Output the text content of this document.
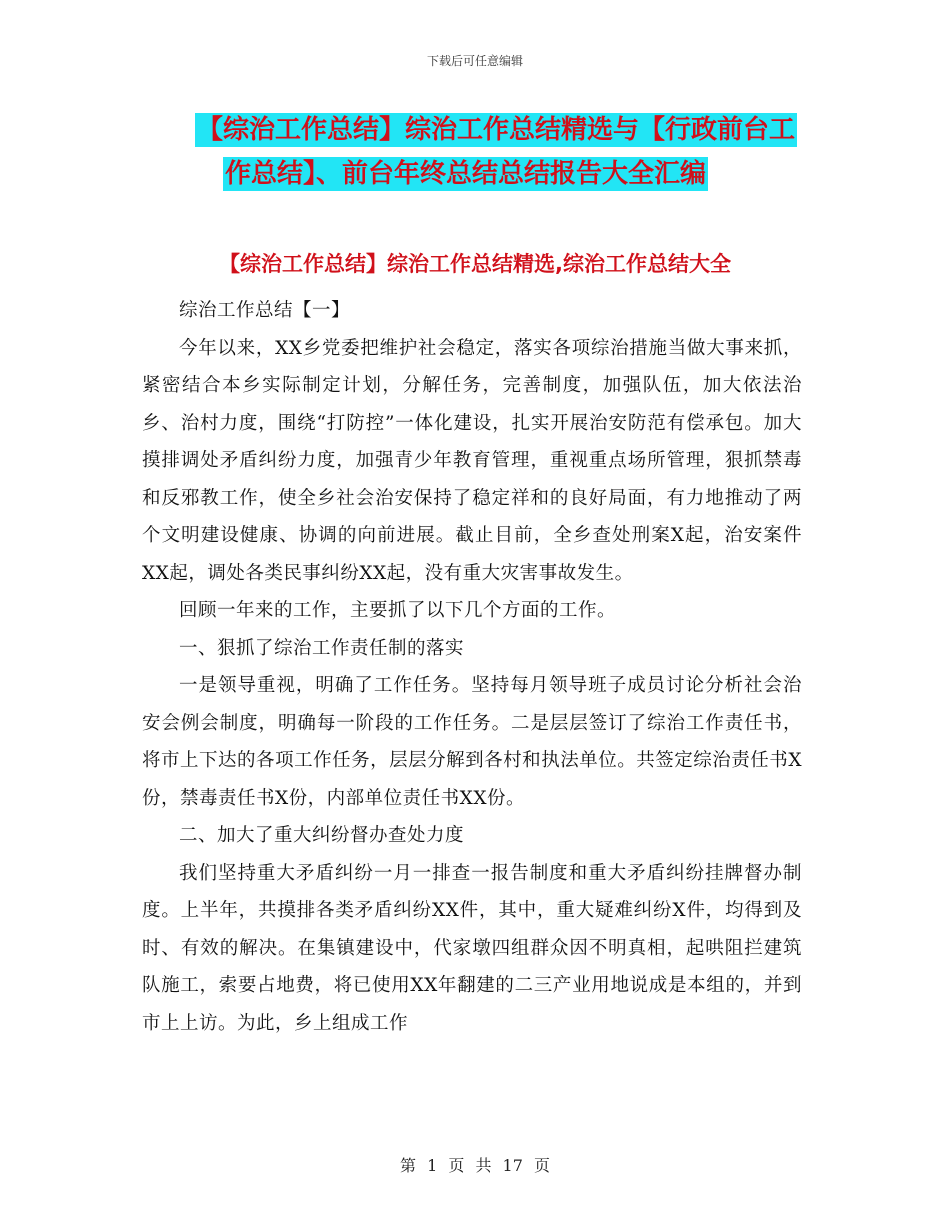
下载后可任意编辑
【综治工作总结】综治工作总结精选与【行政前台工
作总结】、前台年终总结总结报告大全汇编
【综治工作总结】综治工作总结精选,综治工作总结大全

综治工作总结【一】

今年以来，XX乡党委把维护社会稳定，落实各项综治措施当做大事来抓，紧密结合本乡实际制定计划，分解任务，完善制度，加强队伍，加大依法治乡、治村力度，围绕“打防控”一体化建设，扎实开展治安防范有偿承包。加大摸排调处矛盾纠纷力度，加强青少年教育管理，重视重点场所管理，狠抓禁毒和反邪教工作，使全乡社会治安保持了稳定祥和的良好局面，有力地推动了两个文明建设健康、协调的向前进展。截止目前，全乡查处刑案X起，治安案件XX起，调处各类民事纠纷XX起，没有重大灾害事故发生。

回顾一年来的工作，主要抓了以下几个方面的工作。

一、狠抓了综治工作责任制的落实

一是领导重视，明确了工作任务。坚持每月领导班子成员讨论分析社会治安会例会制度，明确每一阶段的工作任务。二是层层签订了综治工作责任书，将市上下达的各项工作任务，层层分解到各村和执法单位。共签定综治责任书X份，禁毒责任书X份，内部单位责任书XX份。

二、加大了重大纠纷督办查处力度

我们坚持重大矛盾纠纷一月一排查一报告制度和重大矛盾纠纷挂牌督办制度。上半年，共摸排各类矛盾纠纷XX件，其中，重大疑难纠纷X件，均得到及时、有效的解决。在集镇建设中，代家墩四组群众因不明真相，起哄阻拦建筑队施工，索要占地费，将已使用XX年翻建的二三产业用地说成是本组的，并到市上上访。为此，乡上组成工作

第 1 页 共 17 页
